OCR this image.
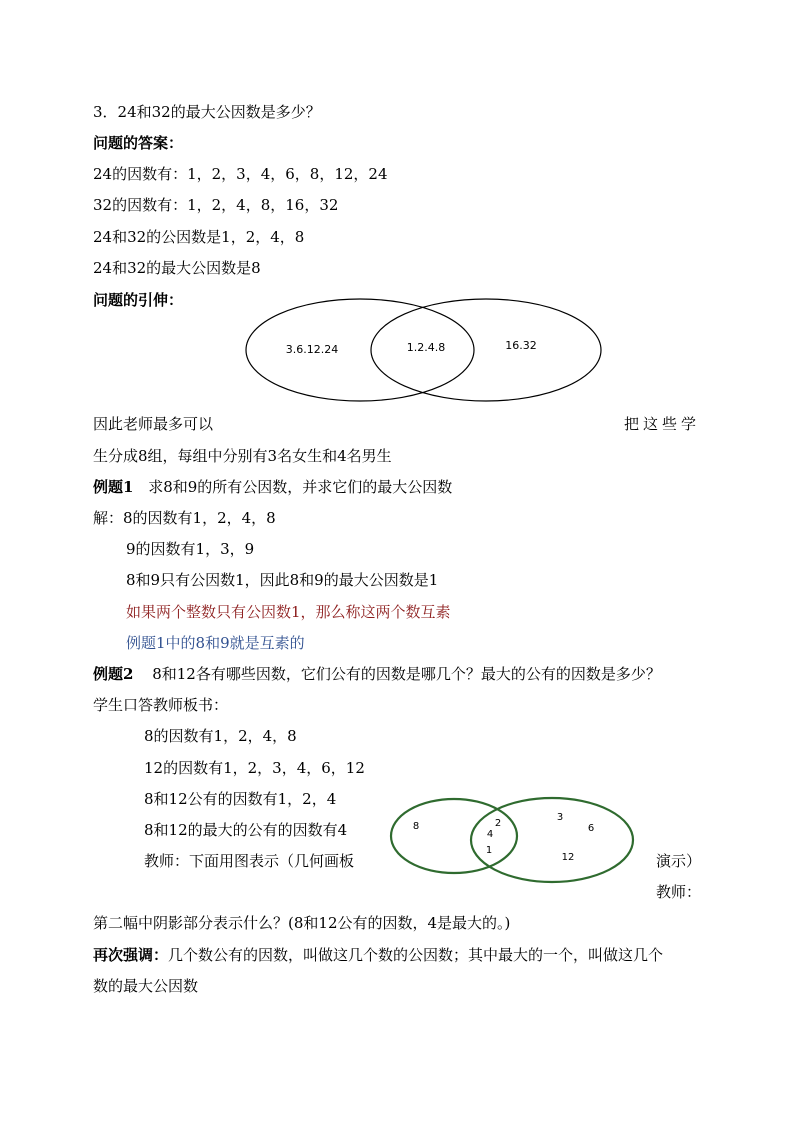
3．24和32的最大公因数是多少？
问题的答案：
24的因数有：1，2，3，4，6，8，12，24
32的因数有：1，2，4，8，16，32
24和32的公因数是1，2，4，8
24和32的最大公因数是8
问题的引伸：
3.6.12.24	1.2.4.8	16.32
因此老师最多可以	把这些学
生分成8组，每组中分别有3名女生和4名男生
例题1 求8和9的所有公因数，并求它们的最大公因数
解：8的因数有1，2，4，8
9的因数有1，3，9
8和9只有公因数1，因此8和9的最大公因数是1
如果两个整数只有公因数1，那么称这两个数互素
例题1中的8和9就是互素的
例题2 8和12各有哪些因数，它们公有的因数是哪几个？最大的公有的因数是多少？
学生口答教师板书：
8的因数有1，2，4，8
12的因数有1，2，3，4，6，12
8和12公有的因数有1，2，4
8和12的最大的公有的因数有4
教师：下面用图表示（几何画板	演示）
教师：
8	2
4
1
3
6
12
第二幅中阴影部分表示什么？(8和12公有的因数，4是最大的。)
再次强调：几个数公有的因数，叫做这几个数的公因数；其中最大的一个，叫做这几个
数的最大公因数
